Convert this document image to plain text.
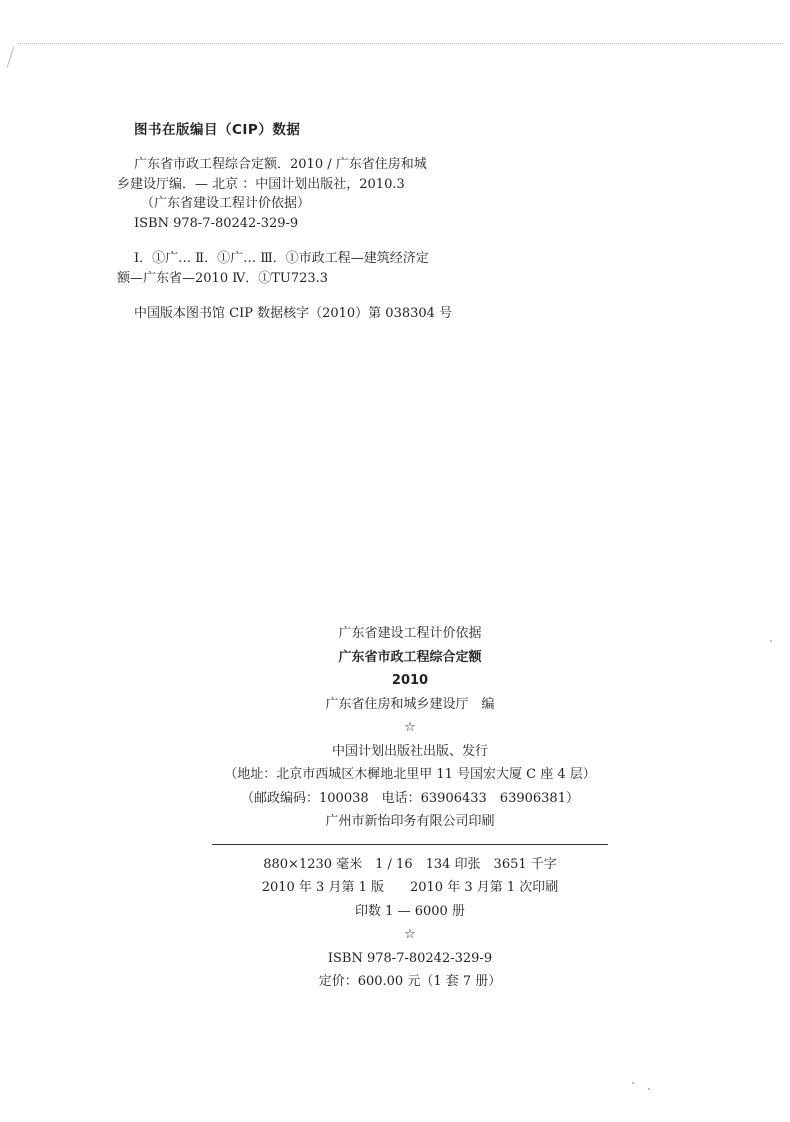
图书在版编目（CIP）数据
广东省市政工程综合定额．2010 / 广东省住房和城
乡建设厅编．— 北京 ：中国计划出版社，2010.3
（广东省建设工程计价依据）
ISBN 978-7-80242-329-9
Ⅰ．①广… Ⅱ．①广… Ⅲ．①市政工程—建筑经济定
额—广东省—2010 Ⅳ．①TU723.3
中国版本图书馆 CIP 数据核字（2010）第 038304 号
广东省建设工程计价依据
广东省市政工程综合定额
2010
广东省住房和城乡建设厅　编
☆
中国计划出版社出版、发行
（地址：北京市西城区木樨地北里甲 11 号国宏大厦 C 座 4 层）
（邮政编码：100038　电话：63906433　63906381）
广州市新怡印务有限公司印刷
880×1230 毫米　1 / 16　134 印张　3651 千字
2010 年 3 月第 1 版　　2010 年 3 月第 1 次印刷
印数 1 — 6000 册
☆
ISBN 978-7-80242-329-9
定价：600.00 元（1 套 7 册）
